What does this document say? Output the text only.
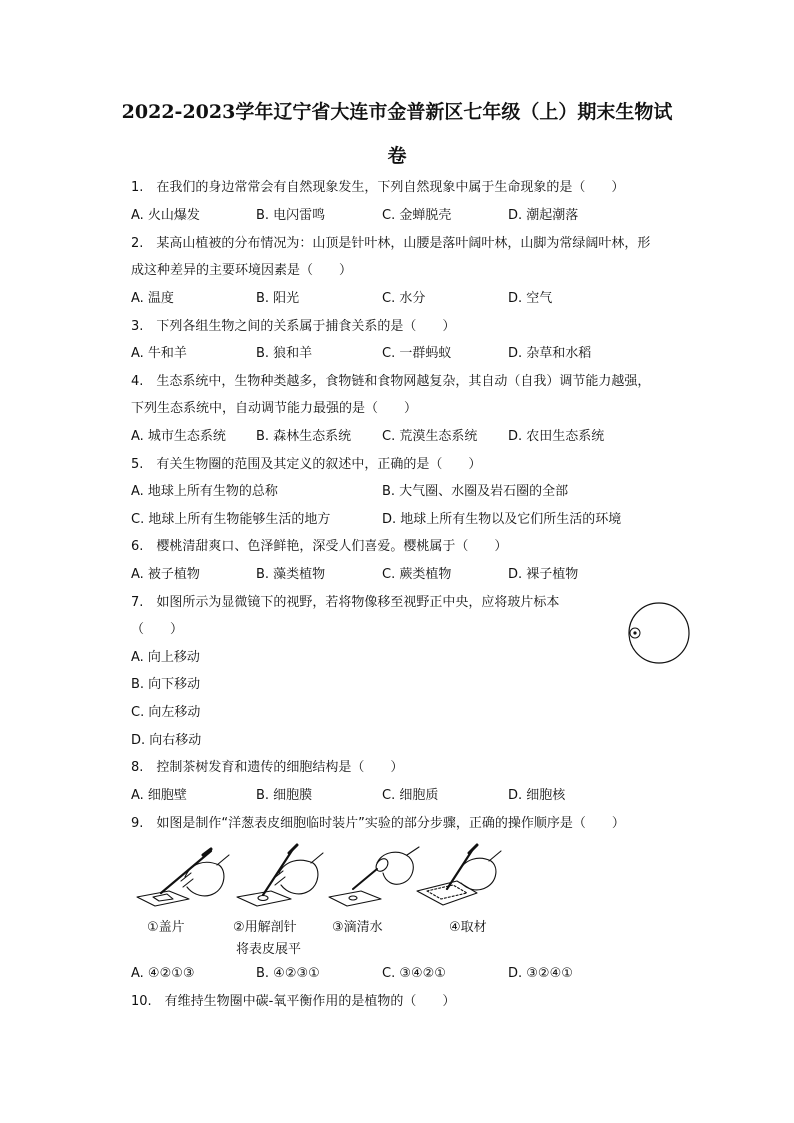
2022-2023学年辽宁省大连市金普新区七年级（上）期末生物试
卷
1.　在我们的身边常常会有自然现象发生，下列自然现象中属于生命现象的是（　　）
A. 火山爆发	B. 电闪雷鸣	C. 金蝉脱壳	D. 潮起潮落
2.　某高山植被的分布情况为：山顶是针叶林，山腰是落叶阔叶林，山脚为常绿阔叶林，形
成这种差异的主要环境因素是（　　）
A. 温度	B. 阳光	C. 水分	D. 空气
3.　下列各组生物之间的关系属于捕食关系的是（　　）
A. 牛和羊	B. 狼和羊	C. 一群蚂蚁	D. 杂草和水稻
4.　生态系统中，生物种类越多，食物链和食物网越复杂，其自动（自我）调节能力越强，
下列生态系统中，自动调节能力最强的是（　　）
A. 城市生态系统 B. 森林生态系统 C. 荒漠生态系统 D. 农田生态系统
5.　有关生物圈的范围及其定义的叙述中，正确的是（　　）
A. 地球上所有生物的总称	B. 大气圈、水圈及岩石圈的全部
C. 地球上所有生物能够生活的地方	D. 地球上所有生物以及它们所生活的环境
6.　樱桃清甜爽口、色泽鲜艳，深受人们喜爱。樱桃属于（　　）
A. 被子植物	B. 藻类植物	C. 蕨类植物	D. 裸子植物
7.　如图所示为显微镜下的视野，若将物像移至视野正中央，应将玻片标本
（　　）
A. 向上移动
B. 向下移动
C. 向左移动
D. 向右移动
8.　控制茶树发育和遗传的细胞结构是（　　）
A. 细胞壁	B. 细胞膜	C. 细胞质	D. 细胞核
9.　如图是制作“洋葱表皮细胞临时装片”实验的部分步骤，正确的操作顺序是（　　）
①盖片	②用解剖针
将表皮展平
③滴清水	④取材
A. ④②①③	B. ④②③①	C. ③④②①	D. ③②④①
10.　有维持生物圈中碳-氧平衡作用的是植物的（　　）
